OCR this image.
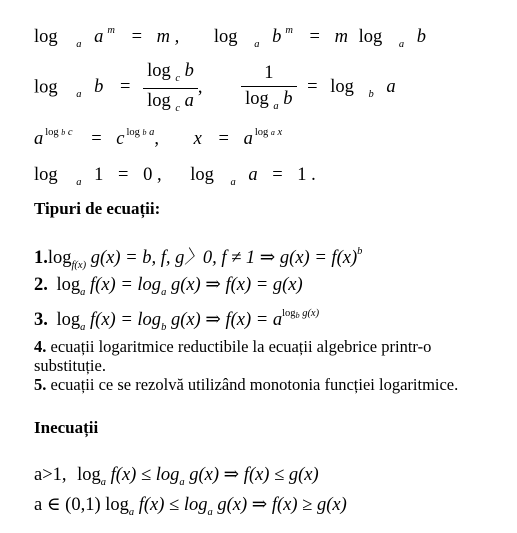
log $_a$ a $^m$ = m , log $_a$ b $^m$ = m log $_a$ b
log $_a$ $b = \frac{\log _c b}{\log _c a}$ , $\frac{1}{\log _a b} = \log _b$ a
a $^{log b c}$ = c $^{log b a}$, x = a $^{log a x}$
log $_a$ 1 = 0 , log $_a$ a = 1 .
Tipuri de ecuații:
$1.\log_{f(x)}$ g(x) = b, f, g〉0, f ≠ 1 ⇒ $g(x) = f(x)^b$
2. $\log_a f(x) = \log_a g(x)$ ⇒ f(x) = g(x)
3. $\log_a f(x) = \log_b g(x)$ ⇒ $f(x) = a^{logb g(x)}$
4. ecuații logaritmice reductibile la ecuații algebrice printr-o
substituție.
5. ecuații ce se rezolvă utilizând monotonia funcției logaritmice.
Inecuații
a>1, $\log_a f(x) \le \log_a g(x)$ ⇒ f(x) ≤ g(x)
a ∈ (0,1) $\log_a f(x) \le \log_a g(x)$ ⇒ f(x) ≥ g(x)
